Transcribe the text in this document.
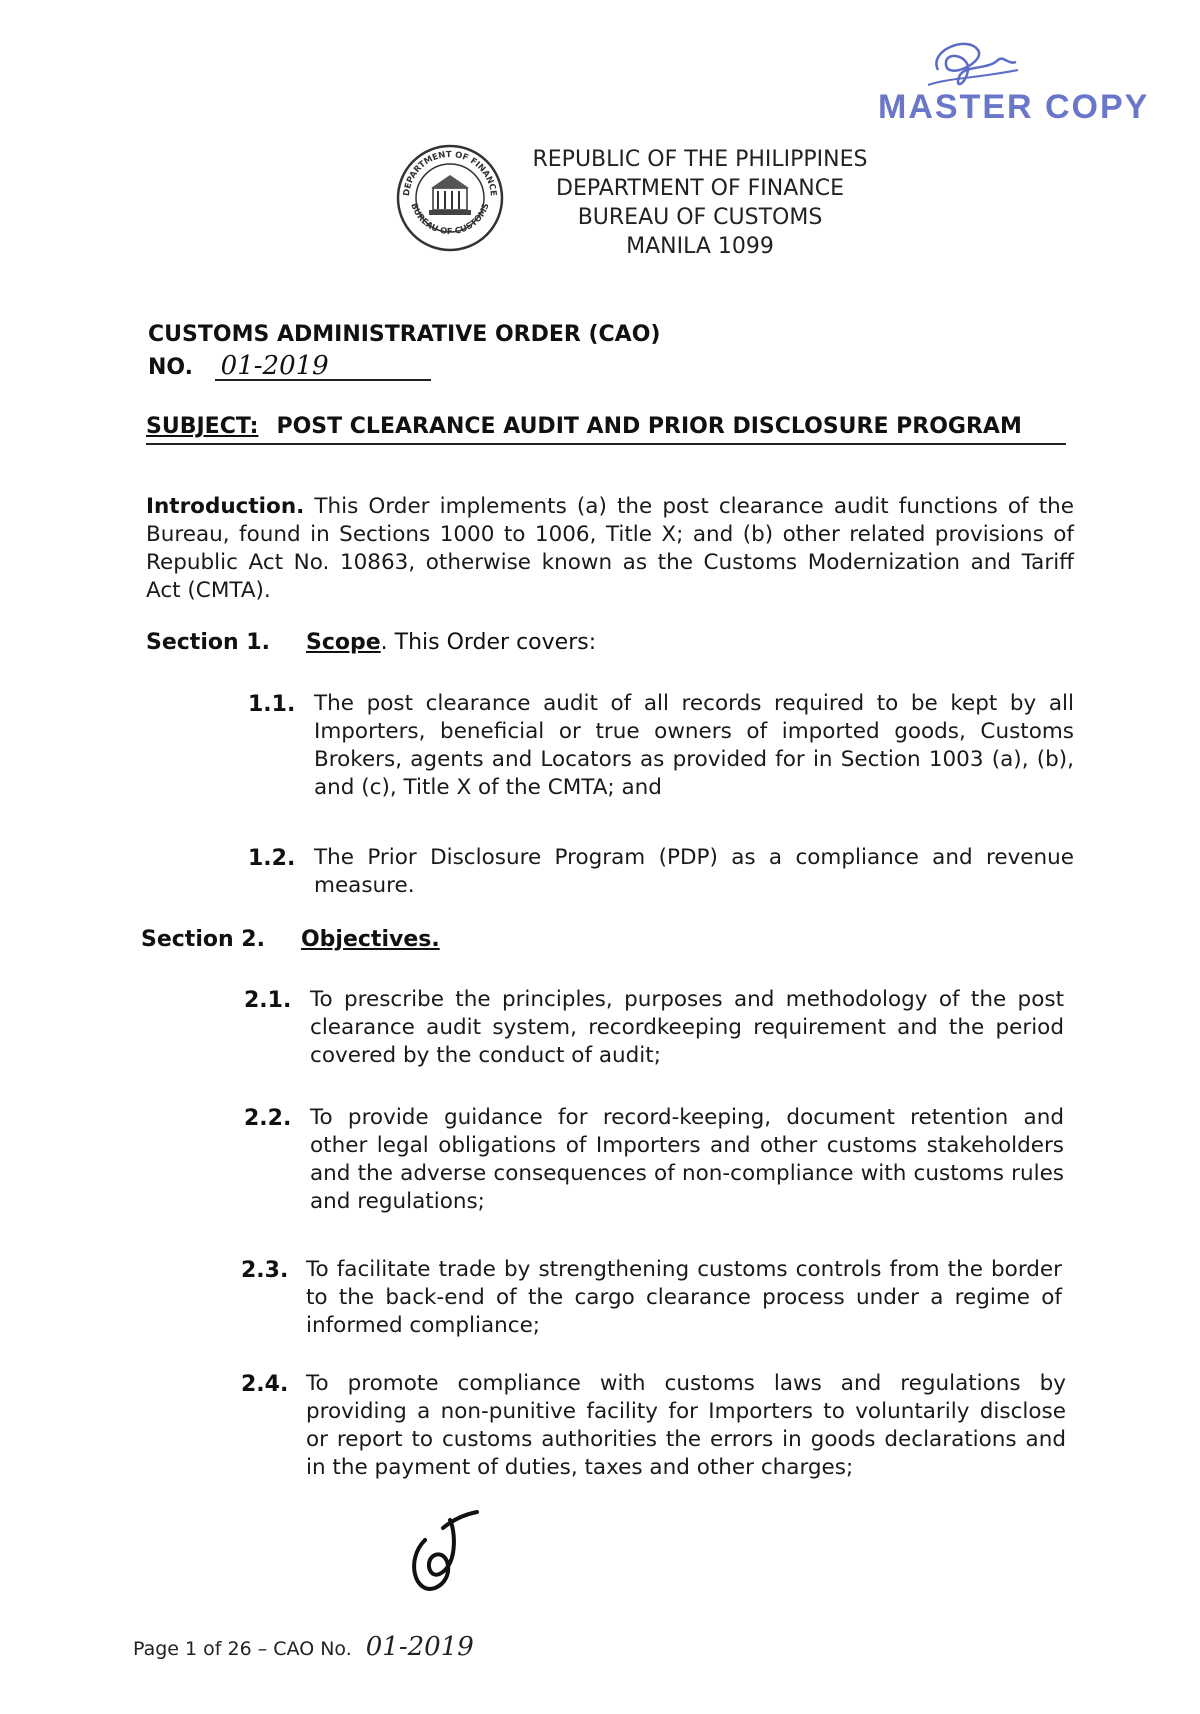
MASTER COPY
DEPARTMENT OF FINANCE
BUREAU OF CUSTOMS
REPUBLIC OF THE PHILIPPINES
DEPARTMENT OF FINANCE
BUREAU OF CUSTOMS
MANILA 1099
CUSTOMS ADMINISTRATIVE ORDER (CAO)
NO. 01-2019
SUBJECT: POST CLEARANCE AUDIT AND PRIOR DISCLOSURE PROGRAM
Introduction. This Order implements (a) the post clearance audit functions of the Bureau, found in Sections 1000 to 1006, Title X; and (b) other related provisions of Republic Act No. 10863, otherwise known as the Customs Modernization and Tariff Act (CMTA).
Section 1. Scope. This Order covers:
1.1. The post clearance audit of all records required to be kept by all Importers, beneficial or true owners of imported goods, Customs Brokers, agents and Locators as provided for in Section 1003 (a), (b), and (c), Title X of the CMTA; and
1.2. The Prior Disclosure Program (PDP) as a compliance and revenue measure.
Section 2. Objectives.
2.1. To prescribe the principles, purposes and methodology of the post clearance audit system, recordkeeping requirement and the period covered by the conduct of audit;
2.2. To provide guidance for record-keeping, document retention and other legal obligations of Importers and other customs stakeholders and the adverse consequences of non-compliance with customs rules and regulations;
2.3. To facilitate trade by strengthening customs controls from the border to the back-end of the cargo clearance process under a regime of informed compliance;
2.4. To promote compliance with customs laws and regulations by providing a non-punitive facility for Importers to voluntarily disclose or report to customs authorities the errors in goods declarations and in the payment of duties, taxes and other charges;
Page 1 of 26 – CAO No. 01-2019
